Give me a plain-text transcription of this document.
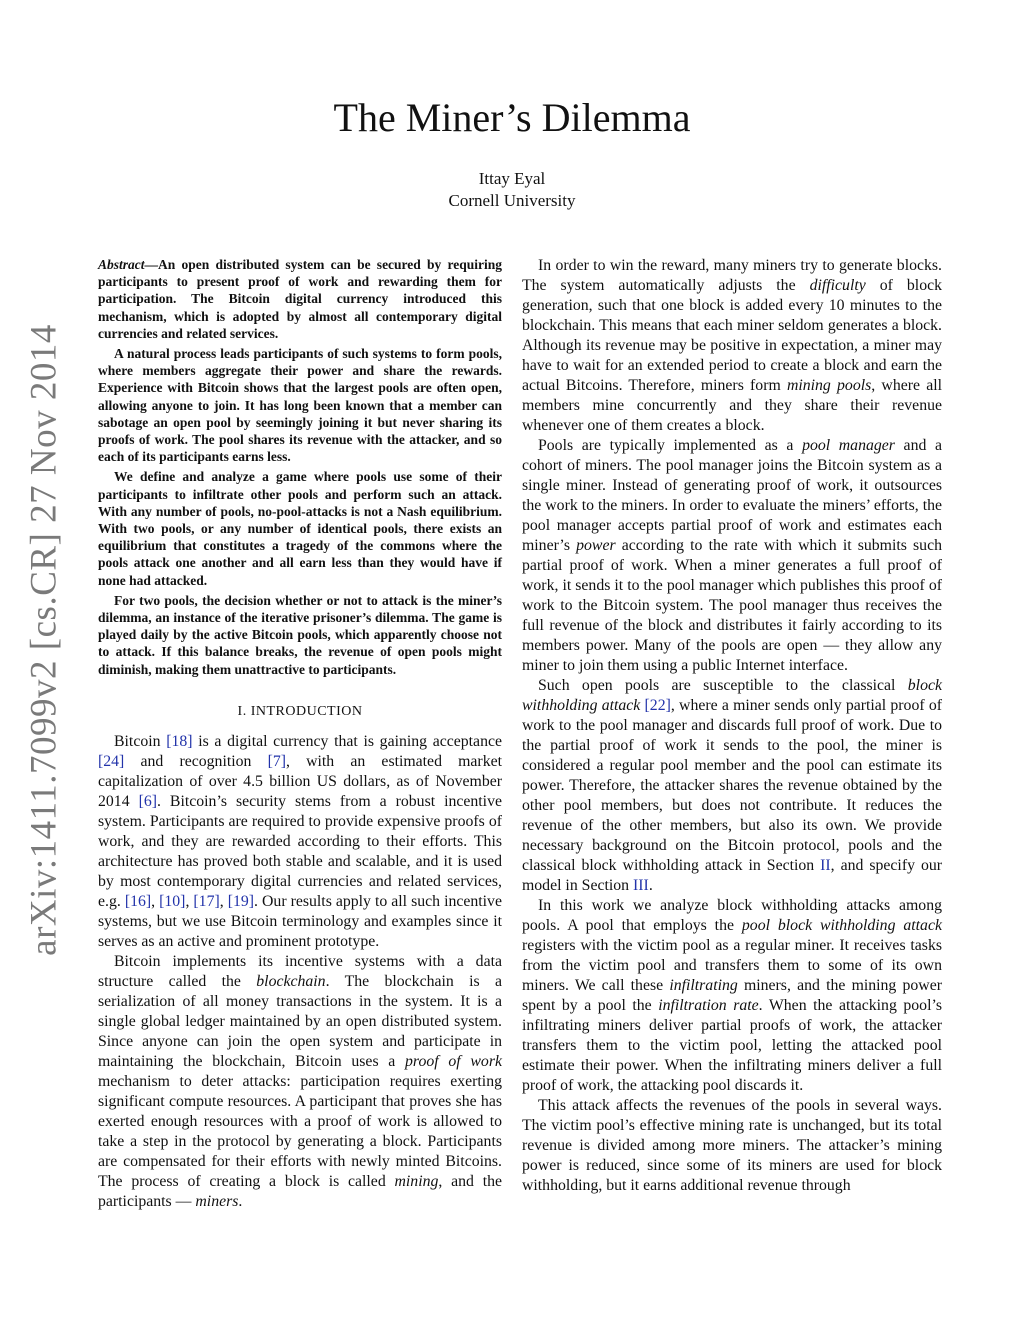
arXiv:1411.7099v2 [cs.CR] 27 Nov 2014
The Miner’s Dilemma
Ittay Eyal
Cornell University

Abstract—An open distributed system can be secured by requiring participants to present proof of work and rewarding them for participation. The Bitcoin digital currency introduced this mechanism, which is adopted by almost all contemporary digital currencies and related services.

A natural process leads participants of such systems to form pools, where members aggregate their power and share the rewards. Experience with Bitcoin shows that the largest pools are often open, allowing anyone to join. It has long been known that a member can sabotage an open pool by seemingly joining it but never sharing its proofs of work. The pool shares its revenue with the attacker, and so each of its participants earns less.

We define and analyze a game where pools use some of their participants to infiltrate other pools and perform such an attack. With any number of pools, no-pool-attacks is not a Nash equilibrium. With two pools, or any number of identical pools, there exists an equilibrium that constitutes a tragedy of the commons where the pools attack one another and all earn less than they would have if none had attacked.

For two pools, the decision whether or not to attack is the miner’s dilemma, an instance of the iterative prisoner’s dilemma. The game is played daily by the active Bitcoin pools, which apparently choose not to attack. If this balance breaks, the revenue of open pools might diminish, making them unattractive to participants.

I. INTRODUCTION

Bitcoin [18] is a digital currency that is gaining acceptance [24] and recognition [7], with an estimated market capitalization of over 4.5 billion US dollars, as of November 2014 [6]. Bitcoin’s security stems from a robust incentive system. Participants are required to provide expensive proofs of work, and they are rewarded according to their efforts. This architecture has proved both stable and scalable, and it is used by most contemporary digital currencies and related services, e.g. [16], [10], [17], [19]. Our results apply to all such incentive systems, but we use Bitcoin terminology and examples since it serves as an active and prominent prototype.

Bitcoin implements its incentive systems with a data structure called the blockchain. The blockchain is a serialization of all money transactions in the system. It is a single global ledger maintained by an open distributed system. Since anyone can join the open system and participate in maintaining the blockchain, Bitcoin uses a proof of work mechanism to deter attacks: participation requires exerting significant compute resources. A participant that proves she has exerted enough resources with a proof of work is allowed to take a step in the protocol by generating a block. Participants are compensated for their efforts with newly minted Bitcoins. The process of creating a block is called mining, and the participants — miners.

In order to win the reward, many miners try to generate blocks. The system automatically adjusts the difficulty of block generation, such that one block is added every 10 minutes to the blockchain. This means that each miner seldom generates a block. Although its revenue may be positive in expectation, a miner may have to wait for an extended period to create a block and earn the actual Bitcoins. Therefore, miners form mining pools, where all members mine concurrently and they share their revenue whenever one of them creates a block.

Pools are typically implemented as a pool manager and a cohort of miners. The pool manager joins the Bitcoin system as a single miner. Instead of generating proof of work, it outsources the work to the miners. In order to evaluate the miners’ efforts, the pool manager accepts partial proof of work and estimates each miner’s power according to the rate with which it submits such partial proof of work. When a miner generates a full proof of work, it sends it to the pool manager which publishes this proof of work to the Bitcoin system. The pool manager thus receives the full revenue of the block and distributes it fairly according to its members power. Many of the pools are open — they allow any miner to join them using a public Internet interface.

Such open pools are susceptible to the classical block withholding attack [22], where a miner sends only partial proof of work to the pool manager and discards full proof of work. Due to the partial proof of work it sends to the pool, the miner is considered a regular pool member and the pool can estimate its power. Therefore, the attacker shares the revenue obtained by the other pool members, but does not contribute. It reduces the revenue of the other members, but also its own. We provide necessary background on the Bitcoin protocol, pools and the classical block withholding attack in Section II, and specify our model in Section III.

In this work we analyze block withholding attacks among pools. A pool that employs the pool block withholding attack registers with the victim pool as a regular miner. It receives tasks from the victim pool and transfers them to some of its own miners. We call these infiltrating miners, and the mining power spent by a pool the infiltration rate. When the attacking pool’s infiltrating miners deliver partial proofs of work, the attacker transfers them to the victim pool, letting the attacked pool estimate their power. When the infiltrating miners deliver a full proof of work, the attacking pool discards it.

This attack affects the revenues of the pools in several ways. The victim pool’s effective mining rate is unchanged, but its total revenue is divided among more miners. The attacker’s mining power is reduced, since some of its miners are used for block withholding, but it earns additional revenue through
